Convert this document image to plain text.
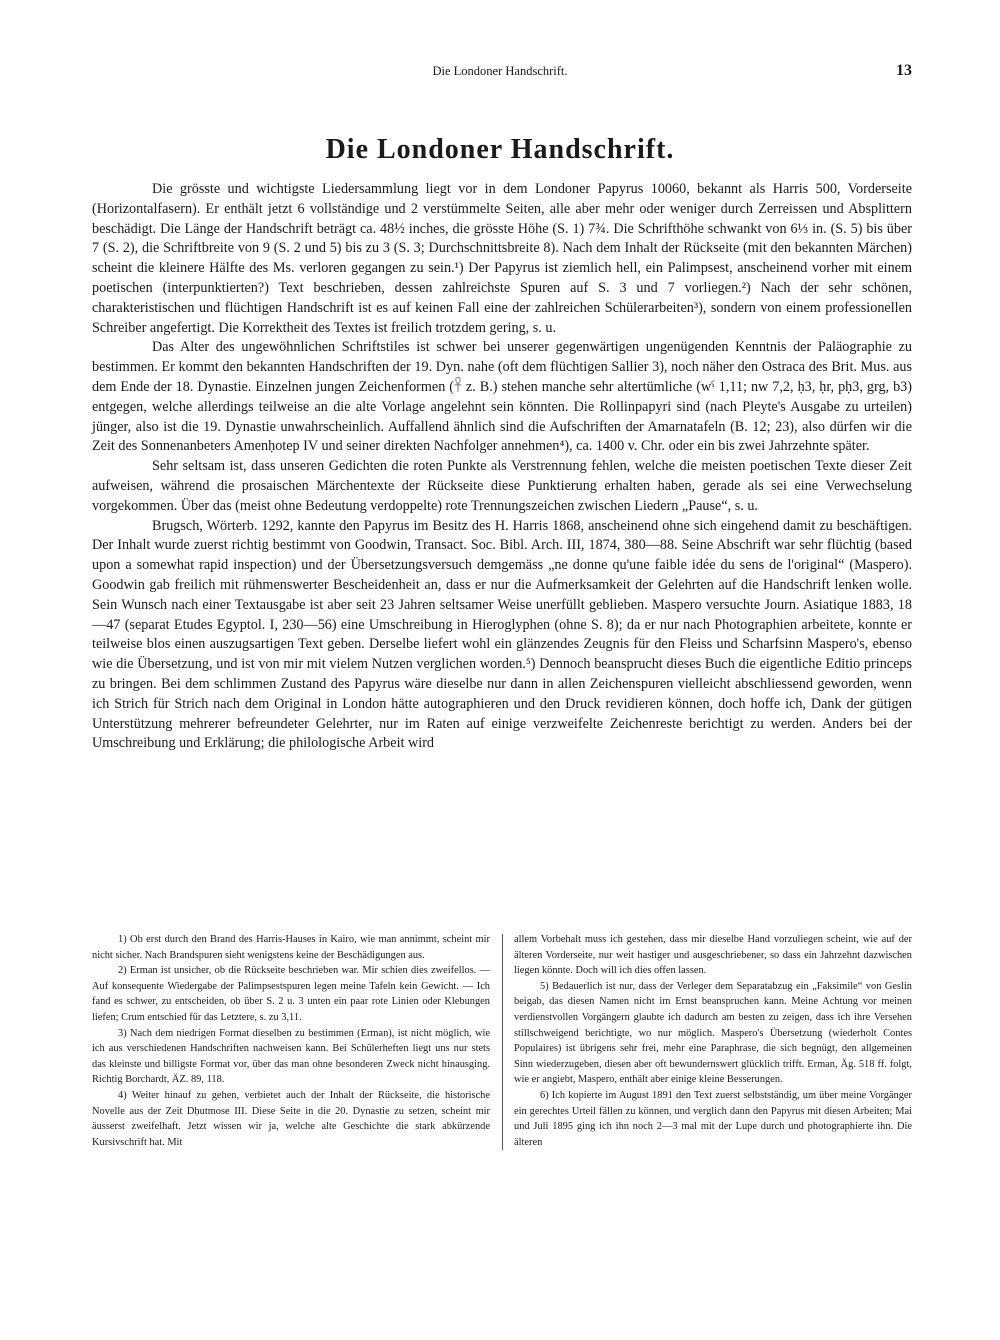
Die Londoner Handschrift.	13
Die Londoner Handschrift.

Die grösste und wichtigste Liedersammlung liegt vor in dem Londoner Papyrus 10060, bekannt als Harris 500, Vorderseite (Horizontalfasern). Er enthält jetzt 6 vollständige und 2 verstümmelte Seiten, alle aber mehr oder weniger durch Zerreissen und Absplittern beschädigt. Die Länge der Handschrift beträgt ca. 48½ inches, die grösste Höhe (S. 1) 7¾. Die Schrifthöhe schwankt von 6⅓ in. (S. 5) bis über 7 (S. 2), die Schriftbreite von 9 (S. 2 und 5) bis zu 3 (S. 3; Durchschnittsbreite 8). Nach dem Inhalt der Rückseite (mit den bekannten Märchen) scheint die kleinere Hälfte des Ms. verloren gegangen zu sein.¹) Der Papyrus ist ziemlich hell, ein Palimpsest, anscheinend vorher mit einem poetischen (interpunktierten?) Text beschrieben, dessen zahlreichste Spuren auf S. 3 und 7 vorliegen.²) Nach der sehr schönen, charakteristischen und flüchtigen Handschrift ist es auf keinen Fall eine der zahlreichen Schülerarbeiten³), sondern von einem professionellen Schreiber angefertigt. Die Korrektheit des Textes ist freilich trotzdem gering, s. u.

Das Alter des ungewöhnlichen Schriftstiles ist schwer bei unserer gegenwärtigen ungenügenden Kenntnis der Paläographie zu bestimmen. Er kommt den bekannten Handschriften der 19. Dyn. nahe (oft dem flüchtigen Sallier 3), noch näher den Ostraca des Brit. Mus. aus dem Ende der 18. Dynastie. Einzelnen jungen Zeichenformen (𓋹 z. B.) stehen manche sehr altertümliche (wˁ 1,11; nw 7,2, ḥ3, ḥr, pḥ3, grg, b3) entgegen, welche allerdings teilweise an die alte Vorlage angelehnt sein könnten. Die Rollinpapyri sind (nach Pleyte's Ausgabe zu urteilen) jünger, also ist die 19. Dynastie unwahrscheinlich. Auffallend ähnlich sind die Aufschriften der Amarnatafeln (B. 12; 23), also dürfen wir die Zeit des Sonnenanbeters Amenḥotep IV und seiner direkten Nachfolger annehmen⁴), ca. 1400 v. Chr. oder ein bis zwei Jahrzehnte später.

Sehr seltsam ist, dass unseren Gedichten die roten Punkte als Verstrennung fehlen, welche die meisten poetischen Texte dieser Zeit aufweisen, während die prosaischen Märchentexte der Rückseite diese Punktierung erhalten haben, gerade als sei eine Verwechselung vorgekommen. Über das (meist ohne Bedeutung verdoppelte) rote Trennungszeichen zwischen Liedern „Pause“, s. u.

Brugsch, Wörterb. 1292, kannte den Papyrus im Besitz des H. Harris 1868, anscheinend ohne sich eingehend damit zu beschäftigen. Der Inhalt wurde zuerst richtig bestimmt von Goodwin, Transact. Soc. Bibl. Arch. III, 1874, 380—88. Seine Abschrift war sehr flüchtig (based upon a somewhat rapid inspection) und der Übersetzungsversuch demgemäss „ne donne qu'une faible idée du sens de l'original“ (Maspero). Goodwin gab freilich mit rühmenswerter Bescheidenheit an, dass er nur die Aufmerksamkeit der Gelehrten auf die Handschrift lenken wolle. Sein Wunsch nach einer Textausgabe ist aber seit 23 Jahren seltsamer Weise unerfüllt geblieben. Maspero versuchte Journ. Asiatique 1883, 18—47 (separat Etudes Egyptol. I, 230—56) eine Umschreibung in Hieroglyphen (ohne S. 8); da er nur nach Photographien arbeitete, konnte er teilweise blos einen auszugsartigen Text geben. Derselbe liefert wohl ein glänzendes Zeugnis für den Fleiss und Scharfsinn Maspero's, ebenso wie die Übersetzung, und ist von mir mit vielem Nutzen verglichen worden.⁵) Dennoch beansprucht dieses Buch die eigentliche Editio princeps zu bringen. Bei dem schlimmen Zustand des Papyrus wäre dieselbe nur dann in allen Zeichenspuren vielleicht abschliessend geworden, wenn ich Strich für Strich nach dem Original in London hätte autographieren und den Druck revidieren können, doch hoffe ich, Dank der gütigen Unterstützung mehrerer befreundeter Gelehrter, nur im Raten auf einige verzweifelte Zeichenreste berichtigt zu werden. Anders bei der Umschreibung und Erklärung; die philologische Arbeit wird

1) Ob erst durch den Brand des Harris-Hauses in Kairo, wie man annimmt, scheint mir nicht sicher. Nach Brandspuren sieht wenigstens keine der Beschädigungen aus.

2) Erman ist unsicher, ob die Rückseite beschrieben war. Mir schien dies zweifellos. — Auf konsequente Wiedergabe der Palimpsestspuren legen meine Tafeln kein Gewicht. — Ich fand es schwer, zu entscheiden, ob über S. 2 u. 3 unten ein paar rote Linien oder Klebungen liefen; Crum entschied für das Letztere, s. zu 3,11.

3) Nach dem niedrigen Format dieselben zu bestimmen (Erman), ist nicht möglich, wie ich aus verschiedenen Handschriften nachweisen kann. Bei Schülerheften liegt uns nur stets das kleinste und billigste Format vor, über das man ohne besonderen Zweck nicht hinausging. Richtig Borchardt, ÄZ. 89, 118.

4) Weiter hinauf zu gehen, verbietet auch der Inhalt der Rückseite, die historische Novelle aus der Zeit Dḥutmose III. Diese Seite in die 20. Dynastie zu setzen, scheint mir äusserst zweifelhaft. Jetzt wissen wir ja, welche alte Geschichte die stark abkürzende Kursivschrift hat. Mit

allem Vorbehalt muss ich gestehen, dass mir dieselbe Hand vorzuliegen scheint, wie auf der älteren Vorderseite, nur weit hastiger und ausgeschriebener, so dass ein Jahrzehnt dazwischen liegen könnte. Doch will ich dies offen lassen.

5) Bedauerlich ist nur, dass der Verleger dem Separatabzug ein „Faksimile“ von Geslin beigab, das diesen Namen nicht im Ernst beanspruchen kann. Meine Achtung vor meinen verdienstvollen Vorgängern glaubte ich dadurch am besten zu zeigen, dass ich ihre Versehen stillschweigend berichtigte, wo nur möglich. Maspero's Übersetzung (wiederholt Contes Populaires) ist übrigens sehr frei, mehr eine Paraphrase, die sich begnügt, den allgemeinen Sinn wiederzugeben, diesen aber oft bewundernswert glücklich trifft. Erman, Äg. 518 ff. folgt, wie er angiebt, Maspero, enthält aber einige kleine Besserungen.

6) Ich kopierte im August 1891 den Text zuerst selbstständig, um über meine Vorgänger ein gerechtes Urteil fällen zu können, und verglich dann den Papyrus mit diesen Arbeiten; Mai und Juli 1895 ging ich ihn noch 2—3 mal mit der Lupe durch und photographierte ihn. Die älteren
